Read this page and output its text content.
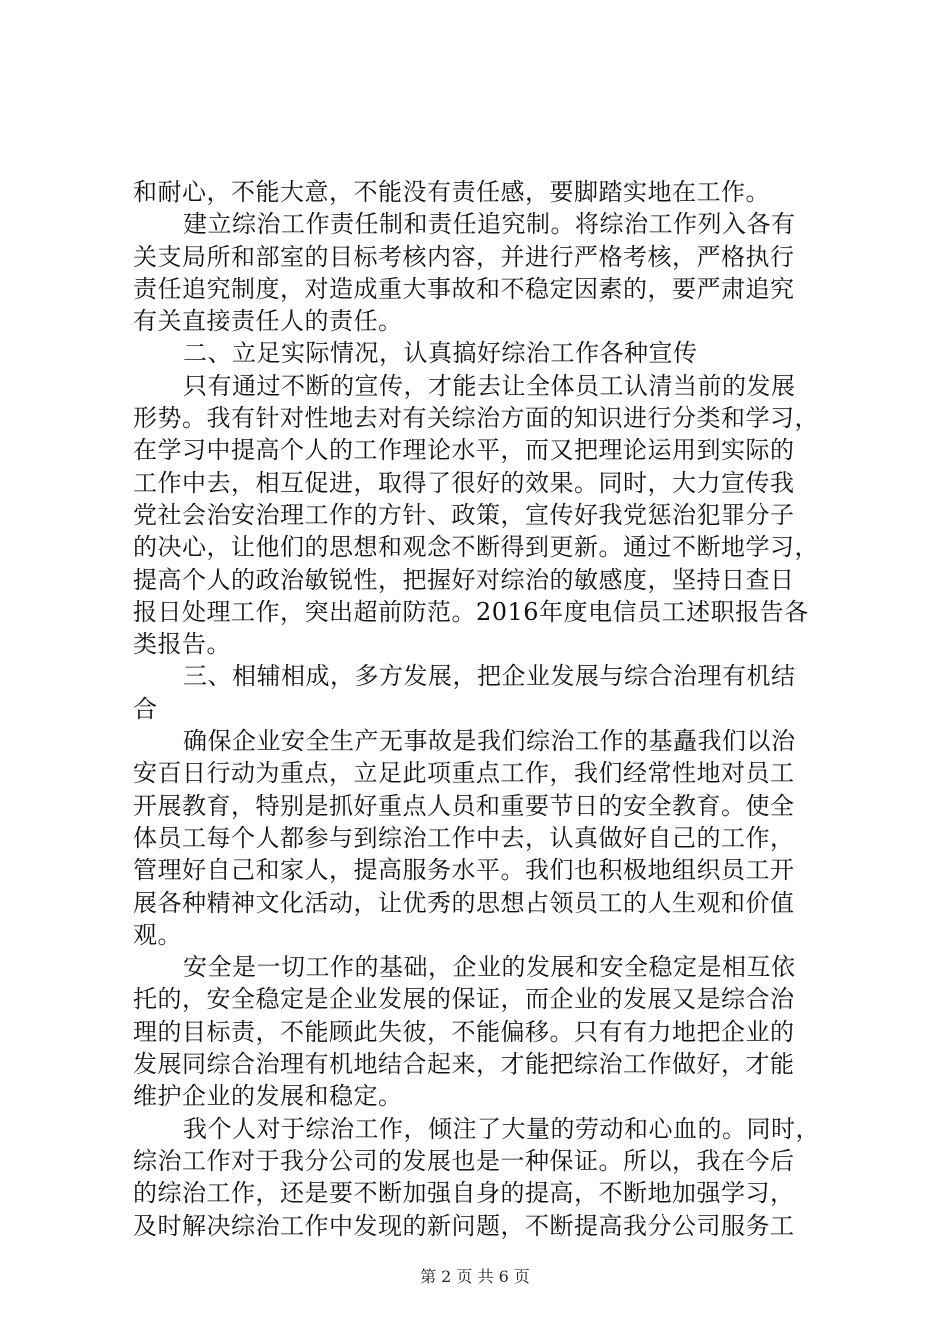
和耐心，不能大意，不能没有责任感，要脚踏实地在工作。
建立综治工作责任制和责任追究制。将综治工作列入各有
关支局所和部室的目标考核内容，并进行严格考核，严格执行
责任追究制度，对造成重大事故和不稳定因素的，要严肃追究
有关直接责任人的责任。
二、立足实际情况，认真搞好综治工作各种宣传
只有通过不断的宣传，才能去让全体员工认清当前的发展
形势。我有针对性地去对有关综治方面的知识进行分类和学习，
在学习中提高个人的工作理论水平，而又把理论运用到实际的
工作中去，相互促进，取得了很好的效果。同时，大力宣传我
党社会治安治理工作的方针、政策，宣传好我党惩治犯罪分子
的决心，让他们的思想和观念不断得到更新。通过不断地学习，
提高个人的政治敏锐性，把握好对综治的敏感度，坚持日查日
报日处理工作，突出超前防范。2016年度电信员工述职报告各
类报告。
三、相辅相成，多方发展，把企业发展与综合治理有机结
合
确保企业安全生产无事故是我们综治工作的基矗我们以治
安百日行动为重点，立足此项重点工作，我们经常性地对员工
开展教育，特别是抓好重点人员和重要节日的安全教育。使全
体员工每个人都参与到综治工作中去，认真做好自己的工作，
管理好自己和家人，提高服务水平。我们也积极地组织员工开
展各种精神文化活动，让优秀的思想占领员工的人生观和价值
观。
安全是一切工作的基础，企业的发展和安全稳定是相互依
托的，安全稳定是企业发展的保证，而企业的发展又是综合治
理的目标责，不能顾此失彼，不能偏移。只有有力地把企业的
发展同综合治理有机地结合起来，才能把综治工作做好，才能
维护企业的发展和稳定。
我个人对于综治工作，倾注了大量的劳动和心血的。同时，
综治工作对于我分公司的发展也是一种保证。所以，我在今后
的综治工作，还是要不断加强自身的提高，不断地加强学习，
及时解决综治工作中发现的新问题，不断提高我分公司服务工
第 2 页 共 6 页
